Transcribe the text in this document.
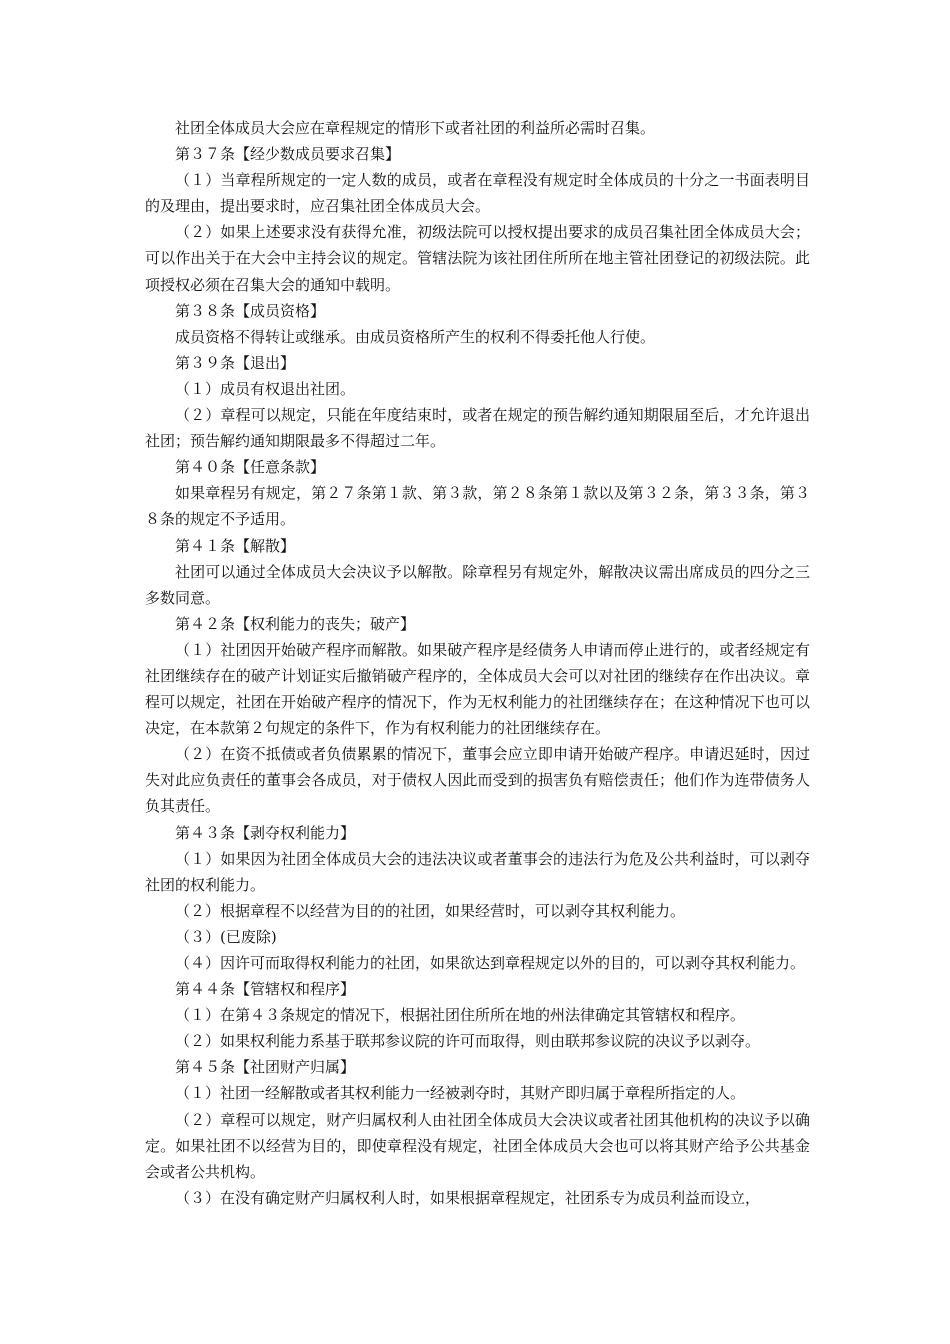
社团全体成员大会应在章程规定的情形下或者社团的利益所必需时召集。

第３７条【经少数成员要求召集】

（１）当章程所规定的一定人数的成员，或者在章程没有规定时全体成员的十分之一书面表明目的及理由，提出要求时，应召集社团全体成员大会。

（２）如果上述要求没有获得允准，初级法院可以授权提出要求的成员召集社团全体成员大会；可以作出关于在大会中主持会议的规定。管辖法院为该社团住所所在地主管社团登记的初级法院。此项授权必须在召集大会的通知中载明。

第３８条【成员资格】

成员资格不得转让或继承。由成员资格所产生的权利不得委托他人行使。

第３９条【退出】

（１）成员有权退出社团。

（２）章程可以规定，只能在年度结束时，或者在规定的预告解约通知期限届至后，才允许退出社团；预告解约通知期限最多不得超过二年。

第４０条【任意条款】

如果章程另有规定，第２７条第１款、第３款，第２８条第１款以及第３２条，第３３条，第３８条的规定不予适用。

第４１条【解散】

社团可以通过全体成员大会决议予以解散。除章程另有规定外，解散决议需出席成员的四分之三多数同意。

第４２条【权利能力的丧失；破产】

（１）社团因开始破产程序而解散。如果破产程序是经债务人申请而停止进行的，或者经规定有社团继续存在的破产计划证实后撤销破产程序的，全体成员大会可以对社团的继续存在作出决议。章程可以规定，社团在开始破产程序的情况下，作为无权利能力的社团继续存在；在这种情况下也可以决定，在本款第２句规定的条件下，作为有权利能力的社团继续存在。

（２）在资不抵债或者负债累累的情况下，董事会应立即申请开始破产程序。申请迟延时，因过失对此应负责任的董事会各成员，对于债权人因此而受到的损害负有赔偿责任；他们作为连带债务人负其责任。

第４３条【剥夺权利能力】

（１）如果因为社团全体成员大会的违法决议或者董事会的违法行为危及公共利益时，可以剥夺社团的权利能力。

（２）根据章程不以经营为目的的社团，如果经营时，可以剥夺其权利能力。

（３）(已废除)

（４）因许可而取得权利能力的社团，如果欲达到章程规定以外的目的，可以剥夺其权利能力。

第４４条【管辖权和程序】

（１）在第４３条规定的情况下，根据社团住所所在地的州法律确定其管辖权和程序。

（２）如果权利能力系基于联邦参议院的许可而取得，则由联邦参议院的决议予以剥夺。

第４５条【社团财产归属】

（１）社团一经解散或者其权利能力一经被剥夺时，其财产即归属于章程所指定的人。

（２）章程可以规定，财产归属权利人由社团全体成员大会决议或者社团其他机构的决议予以确定。如果社团不以经营为目的，即使章程没有规定，社团全体成员大会也可以将其财产给予公共基金会或者公共机构。

（３）在没有确定财产归属权利人时，如果根据章程规定，社团系专为成员利益而设立，
